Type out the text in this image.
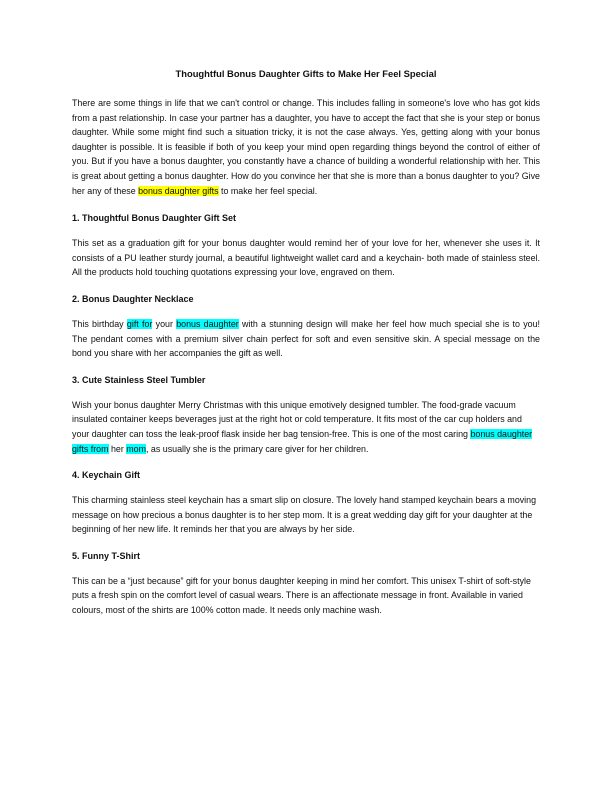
Thoughtful Bonus Daughter Gifts to Make Her Feel Special

There are some things in life that we can't control or change. This includes falling in someone's love who has got kids from a past relationship. In case your partner has a daughter, you have to accept the fact that she is your step or bonus daughter. While some might find such a situation tricky, it is not the case always. Yes, getting along with your bonus daughter is possible. It is feasible if both of you keep your mind open regarding things beyond the control of either of you. But if you have a bonus daughter, you constantly have a chance of building a wonderful relationship with her. This is great about getting a bonus daughter. How do you convince her that she is more than a bonus daughter to you? Give her any of these bonus daughter gifts to make her feel special.

1. Thoughtful Bonus Daughter Gift Set

This set as a graduation gift for your bonus daughter would remind her of your love for her, whenever she uses it. It consists of a PU leather sturdy journal, a beautiful lightweight wallet card and a keychain- both made of stainless steel. All the products hold touching quotations expressing your love, engraved on them.

2. Bonus Daughter Necklace

This birthday gift for your bonus daughter with a stunning design will make her feel how much special she is to you! The pendant comes with a premium silver chain perfect for soft and even sensitive skin. A special message on the bond you share with her accompanies the gift as well.

3. Cute Stainless Steel Tumbler

Wish your bonus daughter Merry Christmas with this unique emotively designed tumbler. The food-grade vacuum insulated container keeps beverages just at the right hot or cold temperature. It fits most of the car cup holders and your daughter can toss the leak-proof flask inside her bag tension-free. This is one of the most caring bonus daughter gifts from her mom, as usually she is the primary care giver for her children.

4. Keychain Gift

This charming stainless steel keychain has a smart slip on closure. The lovely hand stamped keychain bears a moving message on how precious a bonus daughter is to her step mom. It is a great wedding day gift for your daughter at the beginning of her new life. It reminds her that you are always by her side.

5. Funny T-Shirt

This can be a “just because” gift for your bonus daughter keeping in mind her comfort. This unisex T-shirt of soft-style puts a fresh spin on the comfort level of casual wears. There is an affectionate message in front. Available in varied colours, most of the shirts are 100% cotton made. It needs only machine wash.
